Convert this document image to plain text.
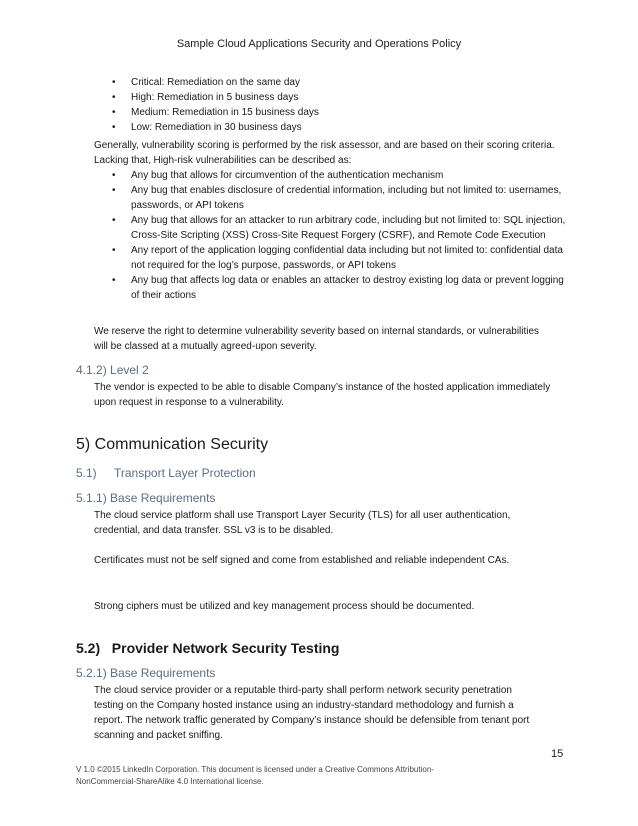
Sample Cloud Applications Security and Operations Policy
• Critical: Remediation on the same day
• High: Remediation in 5 business days
• Medium: Remediation in 15 business days
• Low: Remediation in 30 business days
Generally, vulnerability scoring is performed by the risk assessor, and are based on their scoring criteria. Lacking that, High-risk vulnerabilities can be described as:
• Any bug that allows for circumvention of the authentication mechanism
• Any bug that enables disclosure of credential information, including but not limited to: usernames, passwords, or API tokens
• Any bug that allows for an attacker to run arbitrary code, including but not limited to: SQL injection, Cross-Site Scripting (XSS) Cross-Site Request Forgery (CSRF), and Remote Code Execution
• Any report of the application logging confidential data including but not limited to: confidential data not required for the log’s purpose, passwords, or API tokens
• Any bug that affects log data or enables an attacker to destroy existing log data or prevent logging of their actions
We reserve the right to determine vulnerability severity based on internal standards, or vulnerabilities will be classed at a mutually agreed-upon severity.
4.1.2) Level 2
The vendor is expected to be able to disable Company’s instance of the hosted application immediately upon request in response to a vulnerability.
5) Communication Security
5.1) Transport Layer Protection
5.1.1) Base Requirements
The cloud service platform shall use Transport Layer Security (TLS) for all user authentication, credential, and data transfer. SSL v3 is to be disabled.
Certificates must not be self signed and come from established and reliable independent CAs.
Strong ciphers must be utilized and key management process should be documented.
5.2)   Provider Network Security Testing
5.2.1) Base Requirements
The cloud service provider or a reputable third-party shall perform network security penetration testing on the Company hosted instance using an industry-standard methodology and furnish a report. The network traffic generated by Company’s instance should be defensible from tenant port scanning and packet sniffing.
15
V 1.0 ©2015 LinkedIn Corporation. This document is licensed under a Creative Commons Attribution-
NonCommercial-ShareAlike 4.0 International license.
